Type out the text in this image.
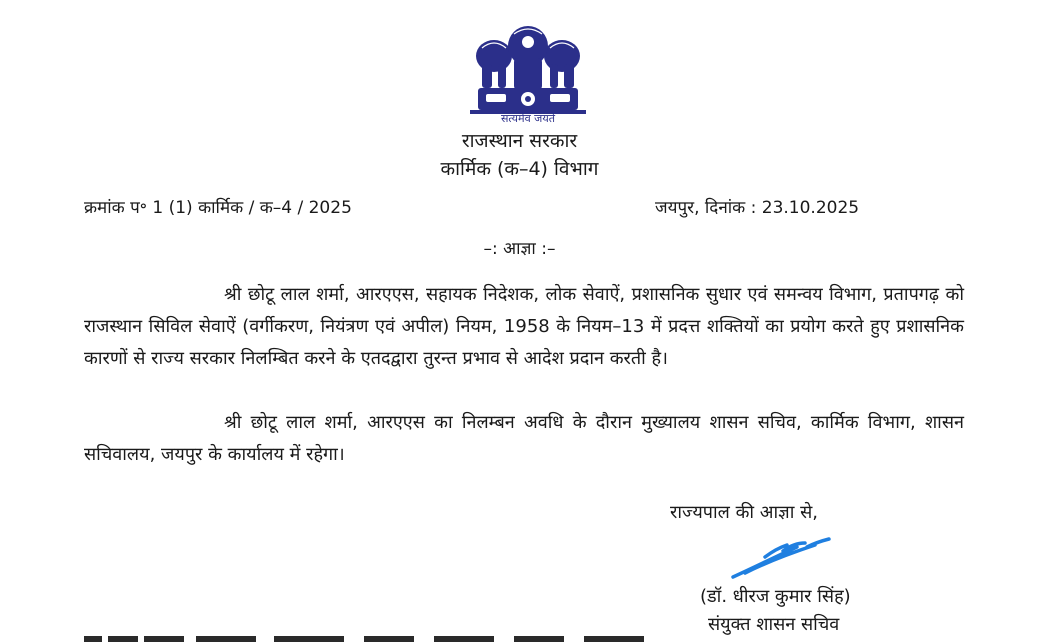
सत्यमेव जयते
राजस्थान सरकार
कार्मिक (क–4) विभाग
क्रमांक प॰ 1 (1) कार्मिक / क–4 / 2025	जयपुर, दिनांक : 23.10.2025
–: आज्ञा :–

श्री छोटू लाल शर्मा, आरएएस, सहायक निदेशक, लोक सेवाऐं, प्रशासनिक सुधार एवं समन्वय विभाग, प्रतापगढ़ को राजस्थान सिविल सेवाऐं (वर्गीकरण, नियंत्रण एवं अपील) नियम, 1958 के नियम–13 में प्रदत्त शक्तियों का प्रयोग करते हुए प्रशासनिक कारणों से राज्य सरकार निलम्बित करने के एतदद्वारा तुरन्त प्रभाव से आदेश प्रदान करती है।

श्री छोटू लाल शर्मा, आरएएस का निलम्बन अवधि के दौरान मुख्यालय शासन सचिव, कार्मिक विभाग, शासन सचिवालय, जयपुर के कार्यालय में रहेगा।

राज्यपाल की आज्ञा से,
(डॉ. धीरज कुमार सिंह)
संयुक्त शासन सचिव
